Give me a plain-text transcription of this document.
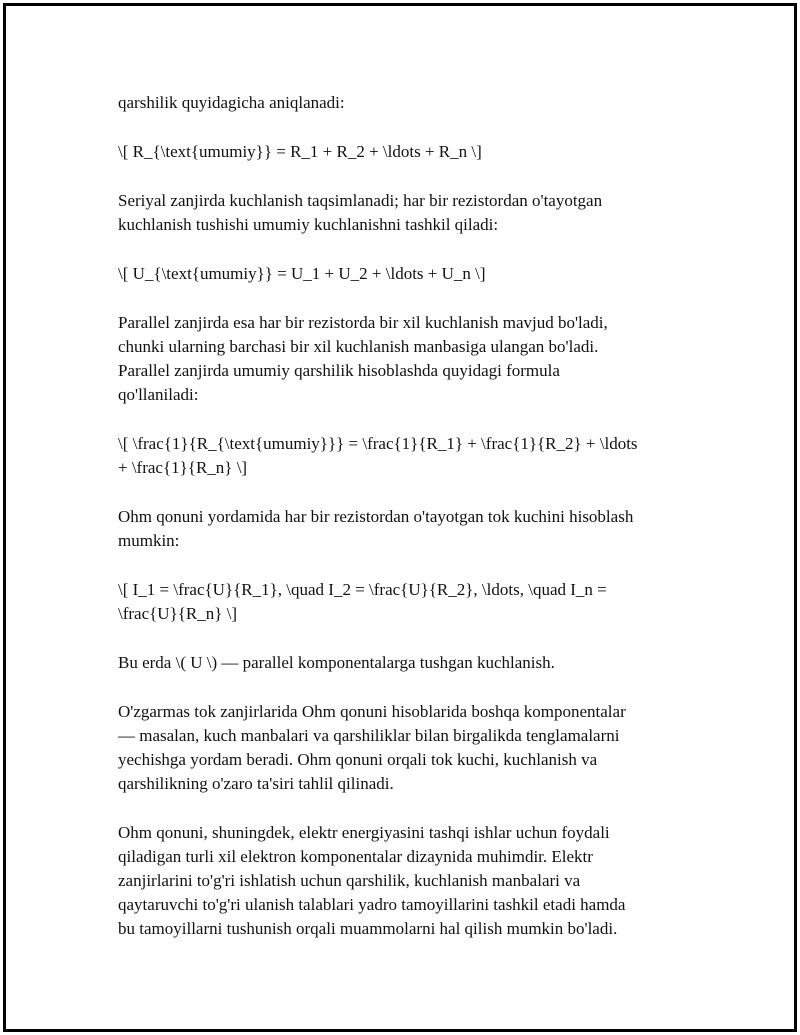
qarshilik quyidagicha aniqlanadi:

\[ R_{\text{umumiy}} = R_1 + R_2 + \ldots + R_n \]

Seriyal zanjirda kuchlanish taqsimlanadi; har bir rezistordan o'tayotgan
kuchlanish tushishi umumiy kuchlanishni tashkil qiladi:

\[ U_{\text{umumiy}} = U_1 + U_2 + \ldots + U_n \]

Parallel zanjirda esa har bir rezistorda bir xil kuchlanish mavjud bo'ladi,
chunki ularning barchasi bir xil kuchlanish manbasiga ulangan bo'ladi.
Parallel zanjirda umumiy qarshilik hisoblashda quyidagi formula
qo'llaniladi:

\[ \frac{1}{R_{\text{umumiy}}} = \frac{1}{R_1} + \frac{1}{R_2} + \ldots
+ \frac{1}{R_n} \]

Ohm qonuni yordamida har bir rezistordan o'tayotgan tok kuchini hisoblash
mumkin:

\[ I_1 = \frac{U}{R_1}, \quad I_2 = \frac{U}{R_2}, \ldots, \quad I_n =
\frac{U}{R_n} \]

Bu erda \( U \) — parallel komponentalarga tushgan kuchlanish.

O'zgarmas tok zanjirlarida Ohm qonuni hisoblarida boshqa komponentalar
— masalan, kuch manbalari va qarshiliklar bilan birgalikda tenglamalarni
yechishga yordam beradi. Ohm qonuni orqali tok kuchi, kuchlanish va
qarshilikning o'zaro ta'siri tahlil qilinadi.

Ohm qonuni, shuningdek, elektr energiyasini tashqi ishlar uchun foydali
qiladigan turli xil elektron komponentalar dizaynida muhimdir. Elektr
zanjirlarini to'g'ri ishlatish uchun qarshilik, kuchlanish manbalari va
qaytaruvchi to'g'ri ulanish talablari yadro tamoyillarini tashkil etadi hamda
bu tamoyillarni tushunish orqali muammolarni hal qilish mumkin bo'ladi.
